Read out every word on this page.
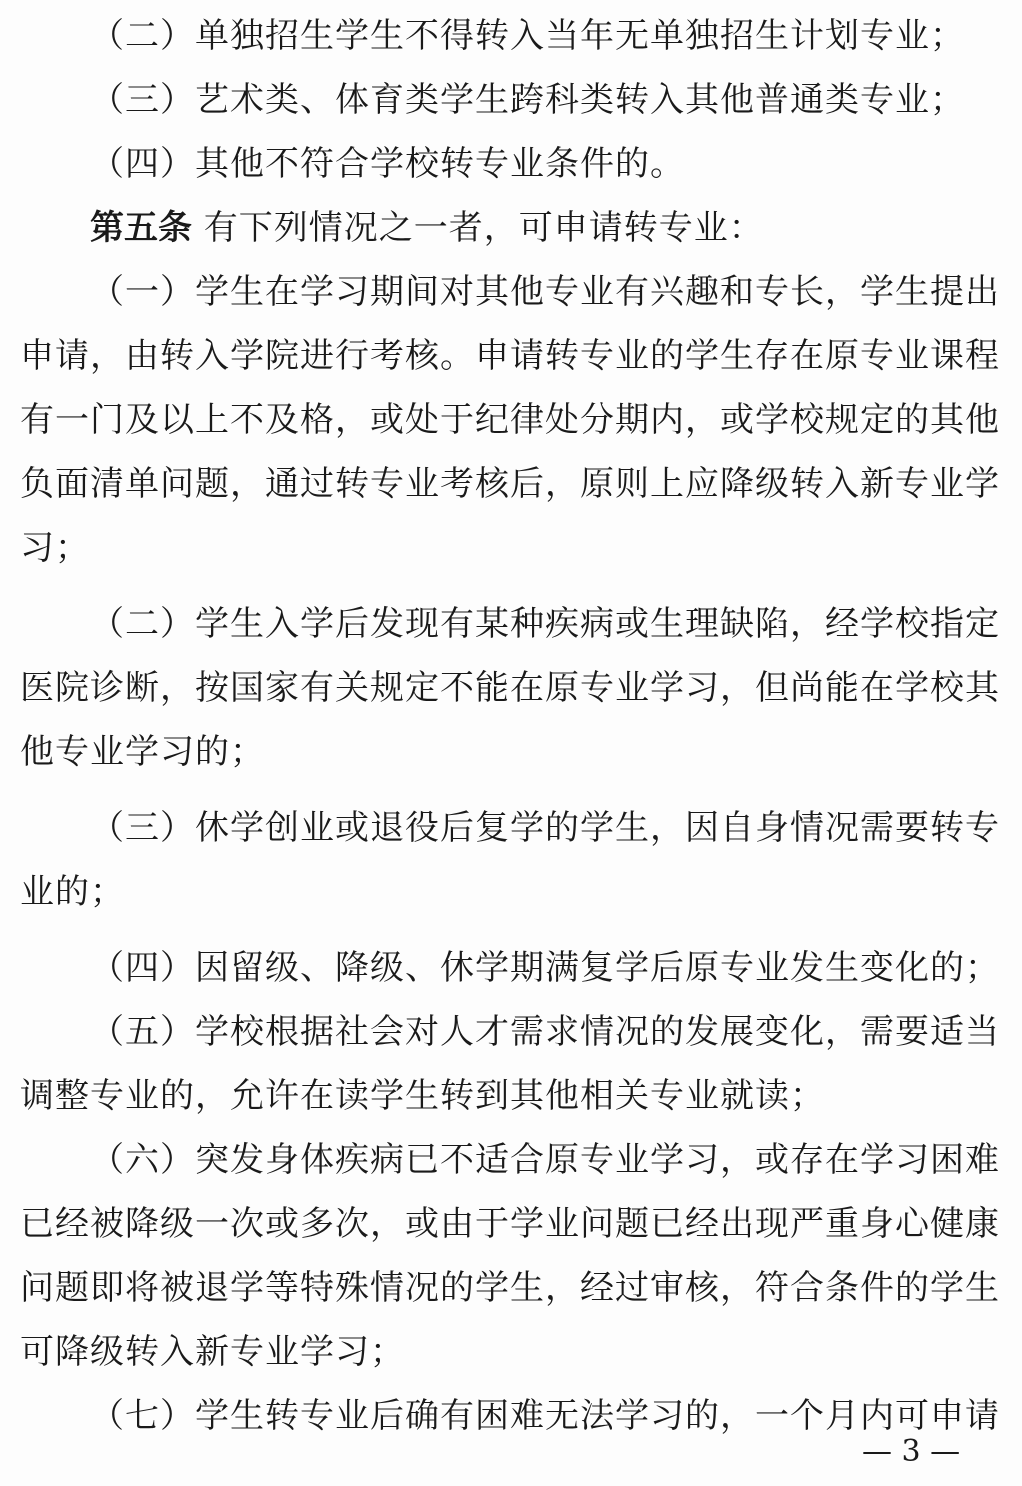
（二）单独招生学生不得转入当年无单独招生计划专业；
（三）艺术类、体育类学生跨科类转入其他普通类专业；
（四）其他不符合学校转专业条件的。
第五条 有下列情况之一者，可申请转专业：
（一）学生在学习期间对其他专业有兴趣和专长，学生提出
申请，由转入学院进行考核。申请转专业的学生存在原专业课程
有一门及以上不及格，或处于纪律处分期内，或学校规定的其他
负面清单问题，通过转专业考核后，原则上应降级转入新专业学
习；
（二）学生入学后发现有某种疾病或生理缺陷，经学校指定
医院诊断，按国家有关规定不能在原专业学习，但尚能在学校其
他专业学习的；
（三）休学创业或退役后复学的学生，因自身情况需要转专
业的；
（四）因留级、降级、休学期满复学后原专业发生变化的；
（五）学校根据社会对人才需求情况的发展变化，需要适当
调整专业的，允许在读学生转到其他相关专业就读；
（六）突发身体疾病已不适合原专业学习，或存在学习困难
已经被降级一次或多次，或由于学业问题已经出现严重身心健康
问题即将被退学等特殊情况的学生，经过审核，符合条件的学生
可降级转入新专业学习；
（七）学生转专业后确有困难无法学习的，一个月内可申请
— 3 —
